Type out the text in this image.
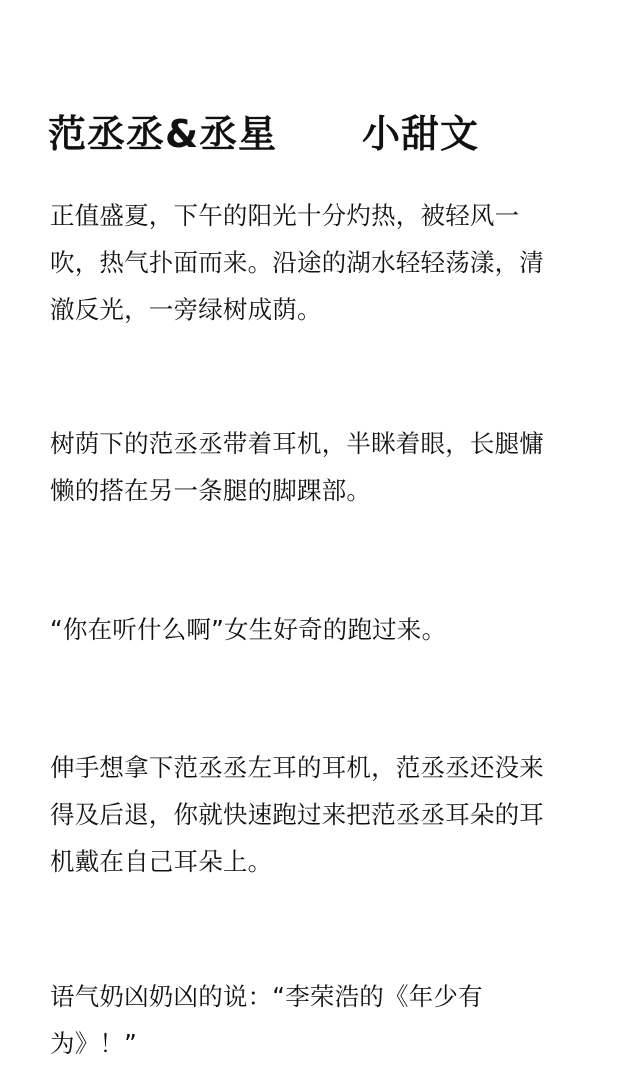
范丞丞&丞星 小甜文
正值盛夏，下午的阳光十分灼热，被轻风一
吹，热气扑面而来。沿途的湖水轻轻荡漾，清
澈反光，一旁绿树成荫。
树荫下的范丞丞带着耳机，半眯着眼，长腿慵
懒的搭在另一条腿的脚踝部。
“你在听什么啊”女生好奇的跑过来。
伸手想拿下范丞丞左耳的耳机，范丞丞还没来
得及后退，你就快速跑过来把范丞丞耳朵的耳
机戴在自己耳朵上。
语气奶凶奶凶的说：“李荣浩的《年少有
为》！”
